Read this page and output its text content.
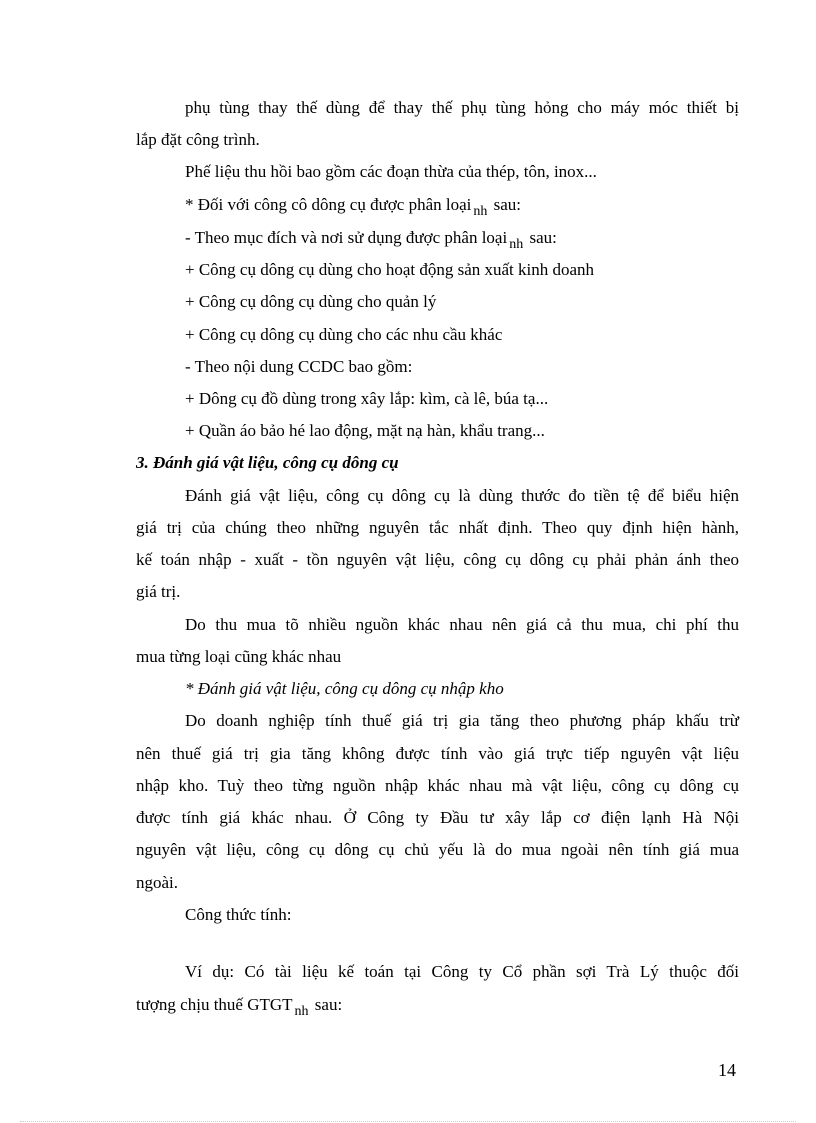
phụ tùng thay thế dùng để thay thế phụ tùng hỏng cho máy móc thiết bị
lắp đặt công trình.
Phế liệu thu hồi bao gồm các đoạn thừa của thép, tôn, inox...
* Đối với công cô dông cụ được phân loại $_{nh}$ sau:
- Theo mục đích và nơi sử dụng được phân loại $_{nh}$ sau:
+ Công cụ dông cụ dùng cho hoạt động sản xuất kinh doanh
+ Công cụ dông cụ dùng cho quản lý
+ Công cụ dông cụ dùng cho các nhu cầu khác
- Theo nội dung CCDC bao gồm:
+ Dông cụ đồ dùng trong xây lắp: kìm, cà lê, búa tạ...
+ Quần áo bảo hé lao động, mặt nạ hàn, khẩu trang...
3. Đánh giá vật liệu, công cụ dông cụ
Đánh giá vật liệu, công cụ dông cụ là dùng thước đo tiền tệ để biểu hiện
giá trị của chúng theo những nguyên tắc nhất định. Theo quy định hiện hành,
kế toán nhập - xuất - tồn nguyên vật liệu, công cụ dông cụ phải phản ánh theo
giá trị.
Do thu mua tõ nhiều nguồn khác nhau nên giá cả thu mua, chi phí thu
mua từng loại cũng khác nhau
* Đánh giá vật liệu, công cụ dông cụ nhập kho
Do doanh nghiệp tính thuế giá trị gia tăng theo phương pháp khấu trừ
nên thuế giá trị gia tăng không được tính vào giá trực tiếp nguyên vật liệu
nhập kho. Tuỳ theo từng nguồn nhập khác nhau mà vật liệu, công cụ dông cụ
được tính giá khác nhau. Ở Công ty Đầu tư xây lắp cơ điện lạnh Hà Nội
nguyên vật liệu, công cụ dông cụ chủ yếu là do mua ngoài nên tính giá mua
ngoài.
Công thức tính:
Ví dụ: Có tài liệu kế toán tại Công ty Cổ phần sợi Trà Lý thuộc đối
tượng chịu thuế GTGT $_{nh}$ sau:
14
